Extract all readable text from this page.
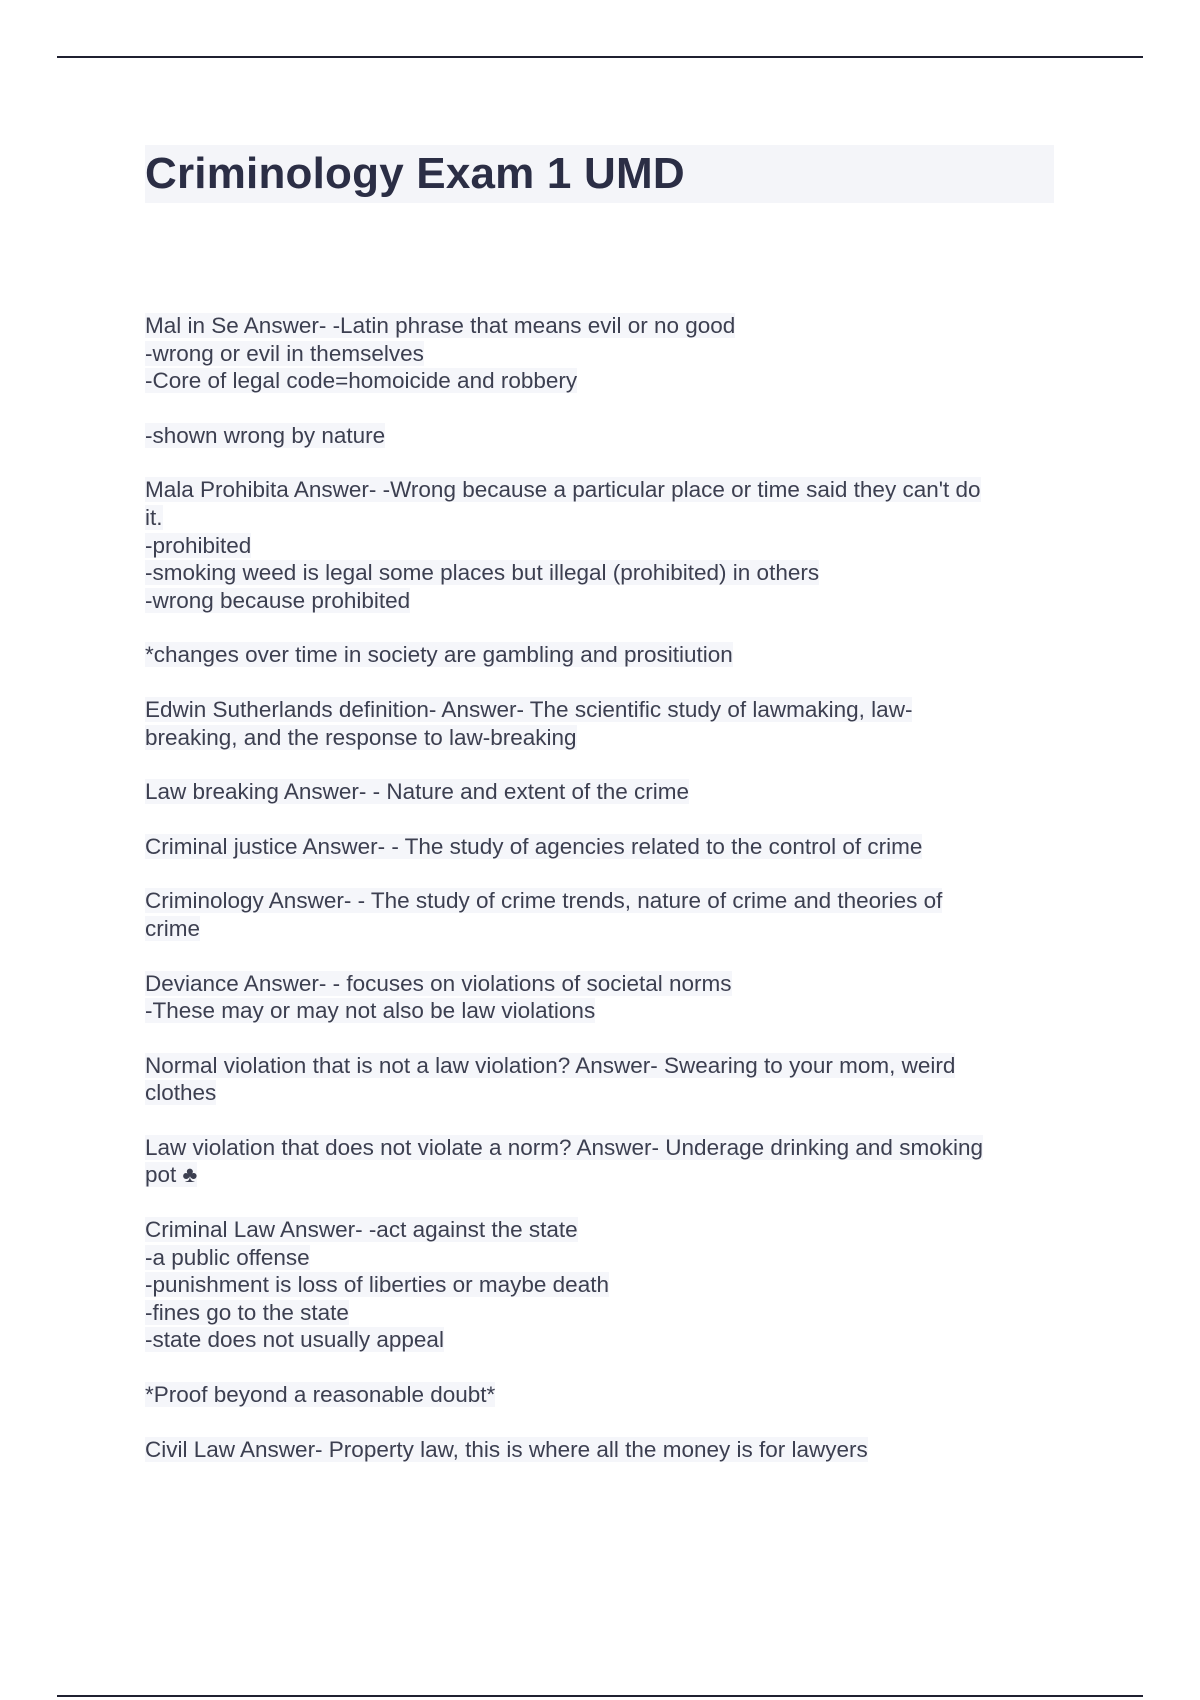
Criminology Exam 1 UMD
Mal in Se Answer- -Latin phrase that means evil or no good
-wrong or evil in themselves
-Core of legal code=homoicide and robbery
-shown wrong by nature
Mala Prohibita Answer- -Wrong because a particular place or time said they can't do
it.
-prohibited
-smoking weed is legal some places but illegal (prohibited) in others
-wrong because prohibited
*changes over time in society are gambling and prositiution
Edwin Sutherlands definition- Answer- The scientific study of lawmaking, law-
breaking, and the response to law-breaking
Law breaking Answer- - Nature and extent of the crime
Criminal justice Answer- - The study of agencies related to the control of crime
Criminology Answer- - The study of crime trends, nature of crime and theories of
crime
Deviance Answer- - focuses on violations of societal norms
-These may or may not also be law violations
Normal violation that is not a law violation? Answer- Swearing to your mom, weird
clothes
Law violation that does not violate a norm? Answer- Underage drinking and smoking
pot ♣
Criminal Law Answer- -act against the state
-a public offense
-punishment is loss of liberties or maybe death
-fines go to the state
-state does not usually appeal
*Proof beyond a reasonable doubt*
Civil Law Answer- Property law, this is where all the money is for lawyers
